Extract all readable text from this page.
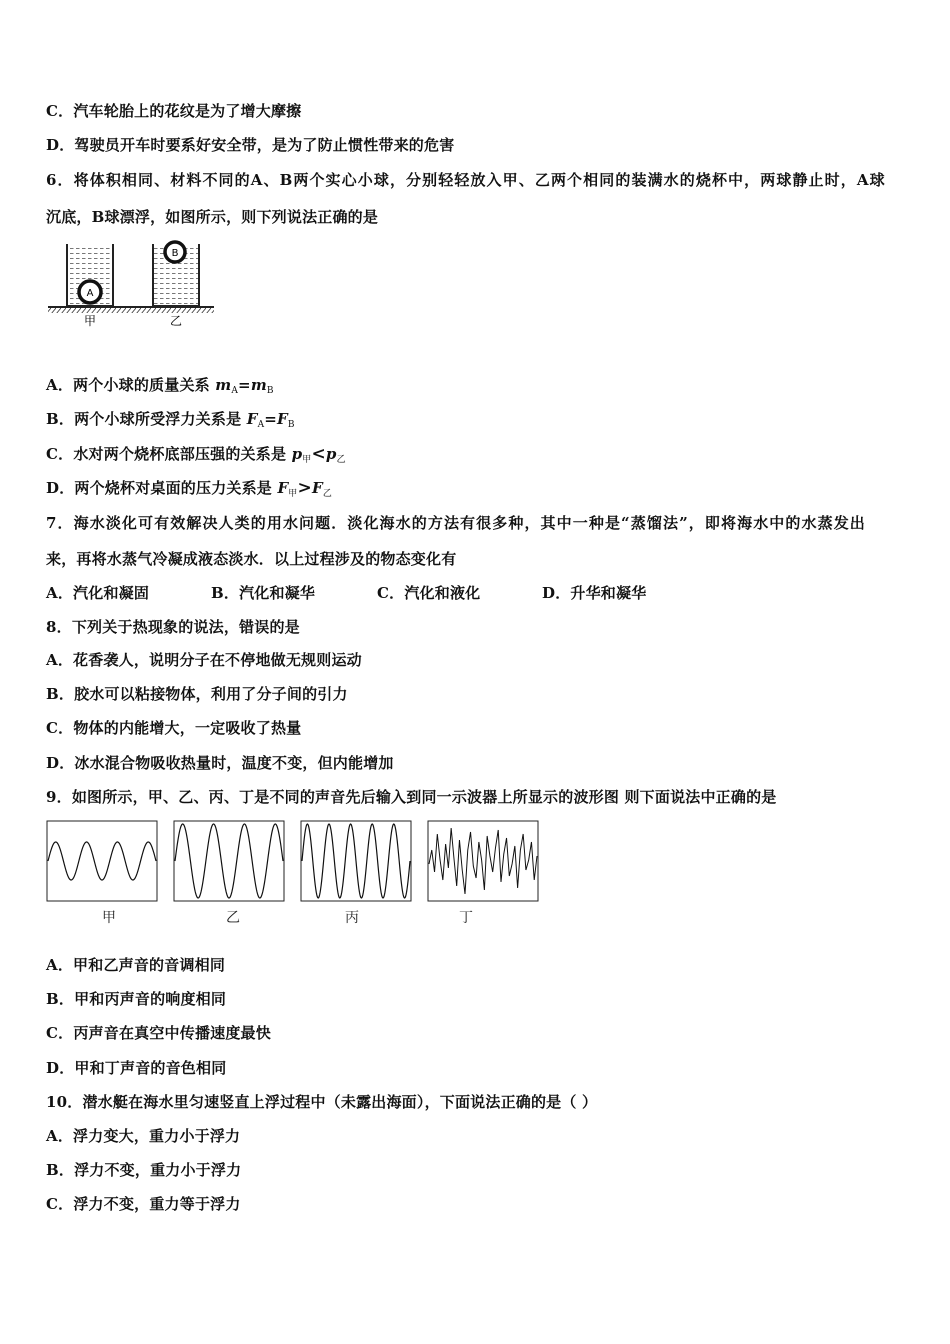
C．汽车轮胎上的花纹是为了增大摩擦
D．驾驶员开车时要系好安全带，是为了防止惯性带来的危害
6．将体积相同、材料不同的A、B两个实心小球，分别轻轻放入甲、乙两个相同的装满水的烧杯中，两球静止时，A球
沉底，B球漂浮，如图所示，则下列说法正确的是
A
B
甲	乙
A．两个小球的质量关系 $m_A=m_B$
B．两个小球所受浮力关系是 $F_A=F_B$
C．水对两个烧杯底部压强的关系是 $p_甲<p_乙$
D．两个烧杯对桌面的压力关系是 $F_甲>F_乙$
7．海水淡化可有效解决人类的用水问题．淡化海水的方法有很多种，其中一种是“蒸馏法”，即将海水中的水蒸发出
来，再将水蒸气冷凝成液态淡水．以上过程涉及的物态变化有
A．汽化和凝固	B．汽化和凝华	C．汽化和液化	D．升华和凝华
8．下列关于热现象的说法，错误的是
A．花香袭人，说明分子在不停地做无规则运动
B．胶水可以粘接物体，利用了分子间的引力
C．物体的内能增大，一定吸收了热量
D．冰水混合物吸收热量时，温度不变，但内能增加
9．如图所示，甲、乙、丙、丁是不同的声音先后输入到同一示波器上所显示的波形图 则下面说法中正确的是
甲	乙	丙	丁
A．甲和乙声音的音调相同
B．甲和丙声音的响度相同
C．丙声音在真空中传播速度最快
D．甲和丁声音的音色相同
10．潜水艇在海水里匀速竖直上浮过程中（未露出海面），下面说法正确的是（ ）
A．浮力变大，重力小于浮力
B．浮力不变，重力小于浮力
C．浮力不变，重力等于浮力
